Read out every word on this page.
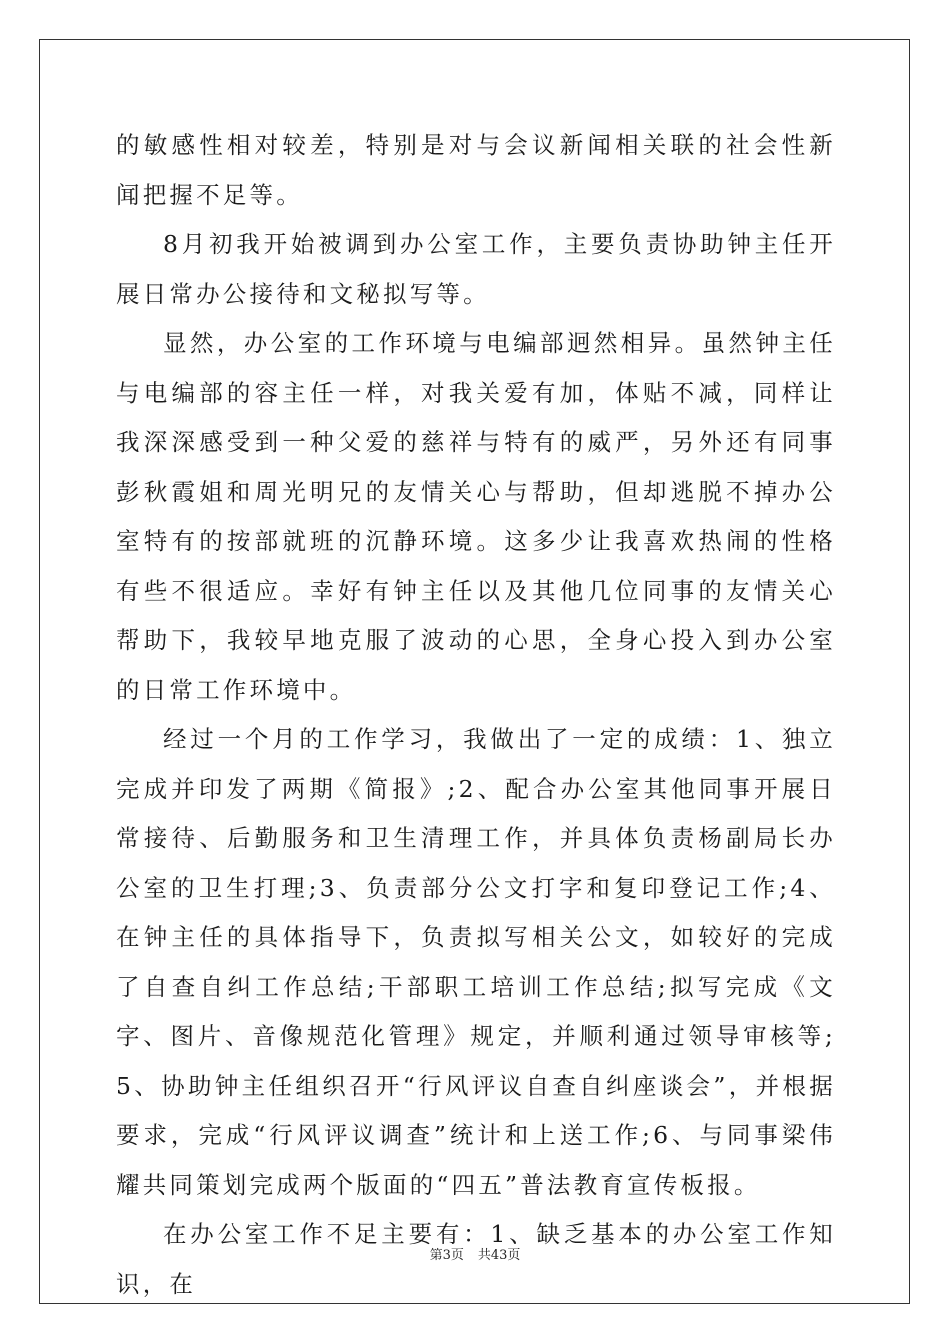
的敏感性相对较差，特别是对与会议新闻相关联的社会性新闻把握不足等。

8月初我开始被调到办公室工作，主要负责协助钟主任开展日常办公接待和文秘拟写等。

显然，办公室的工作环境与电编部迥然相异。虽然钟主任与电编部的容主任一样，对我关爱有加，体贴不减，同样让我深深感受到一种父爱的慈祥与特有的威严，另外还有同事彭秋霞姐和周光明兄的友情关心与帮助，但却逃脱不掉办公室特有的按部就班的沉静环境。这多少让我喜欢热闹的性格有些不很适应。幸好有钟主任以及其他几位同事的友情关心帮助下，我较早地克服了波动的心思，全身心投入到办公室的日常工作环境中。

经过一个月的工作学习，我做出了一定的成绩：1、独立完成并印发了两期《简报》;2、配合办公室其他同事开展日常接待、后勤服务和卫生清理工作，并具体负责杨副局长办公室的卫生打理;3、负责部分公文打字和复印登记工作;4、在钟主任的具体指导下，负责拟写相关公文，如较好的完成了自查自纠工作总结;干部职工培训工作总结;拟写完成《文字、图片、音像规范化管理》规定，并顺利通过领导审核等;5、协助钟主任组织召开“行风评议自查自纠座谈会”，并根据要求，完成“行风评议调查”统计和上送工作;6、与同事梁伟耀共同策划完成两个版面的“四五”普法教育宣传板报。

在办公室工作不足主要有：1、缺乏基本的办公室工作知识，在

第3页 共43页
